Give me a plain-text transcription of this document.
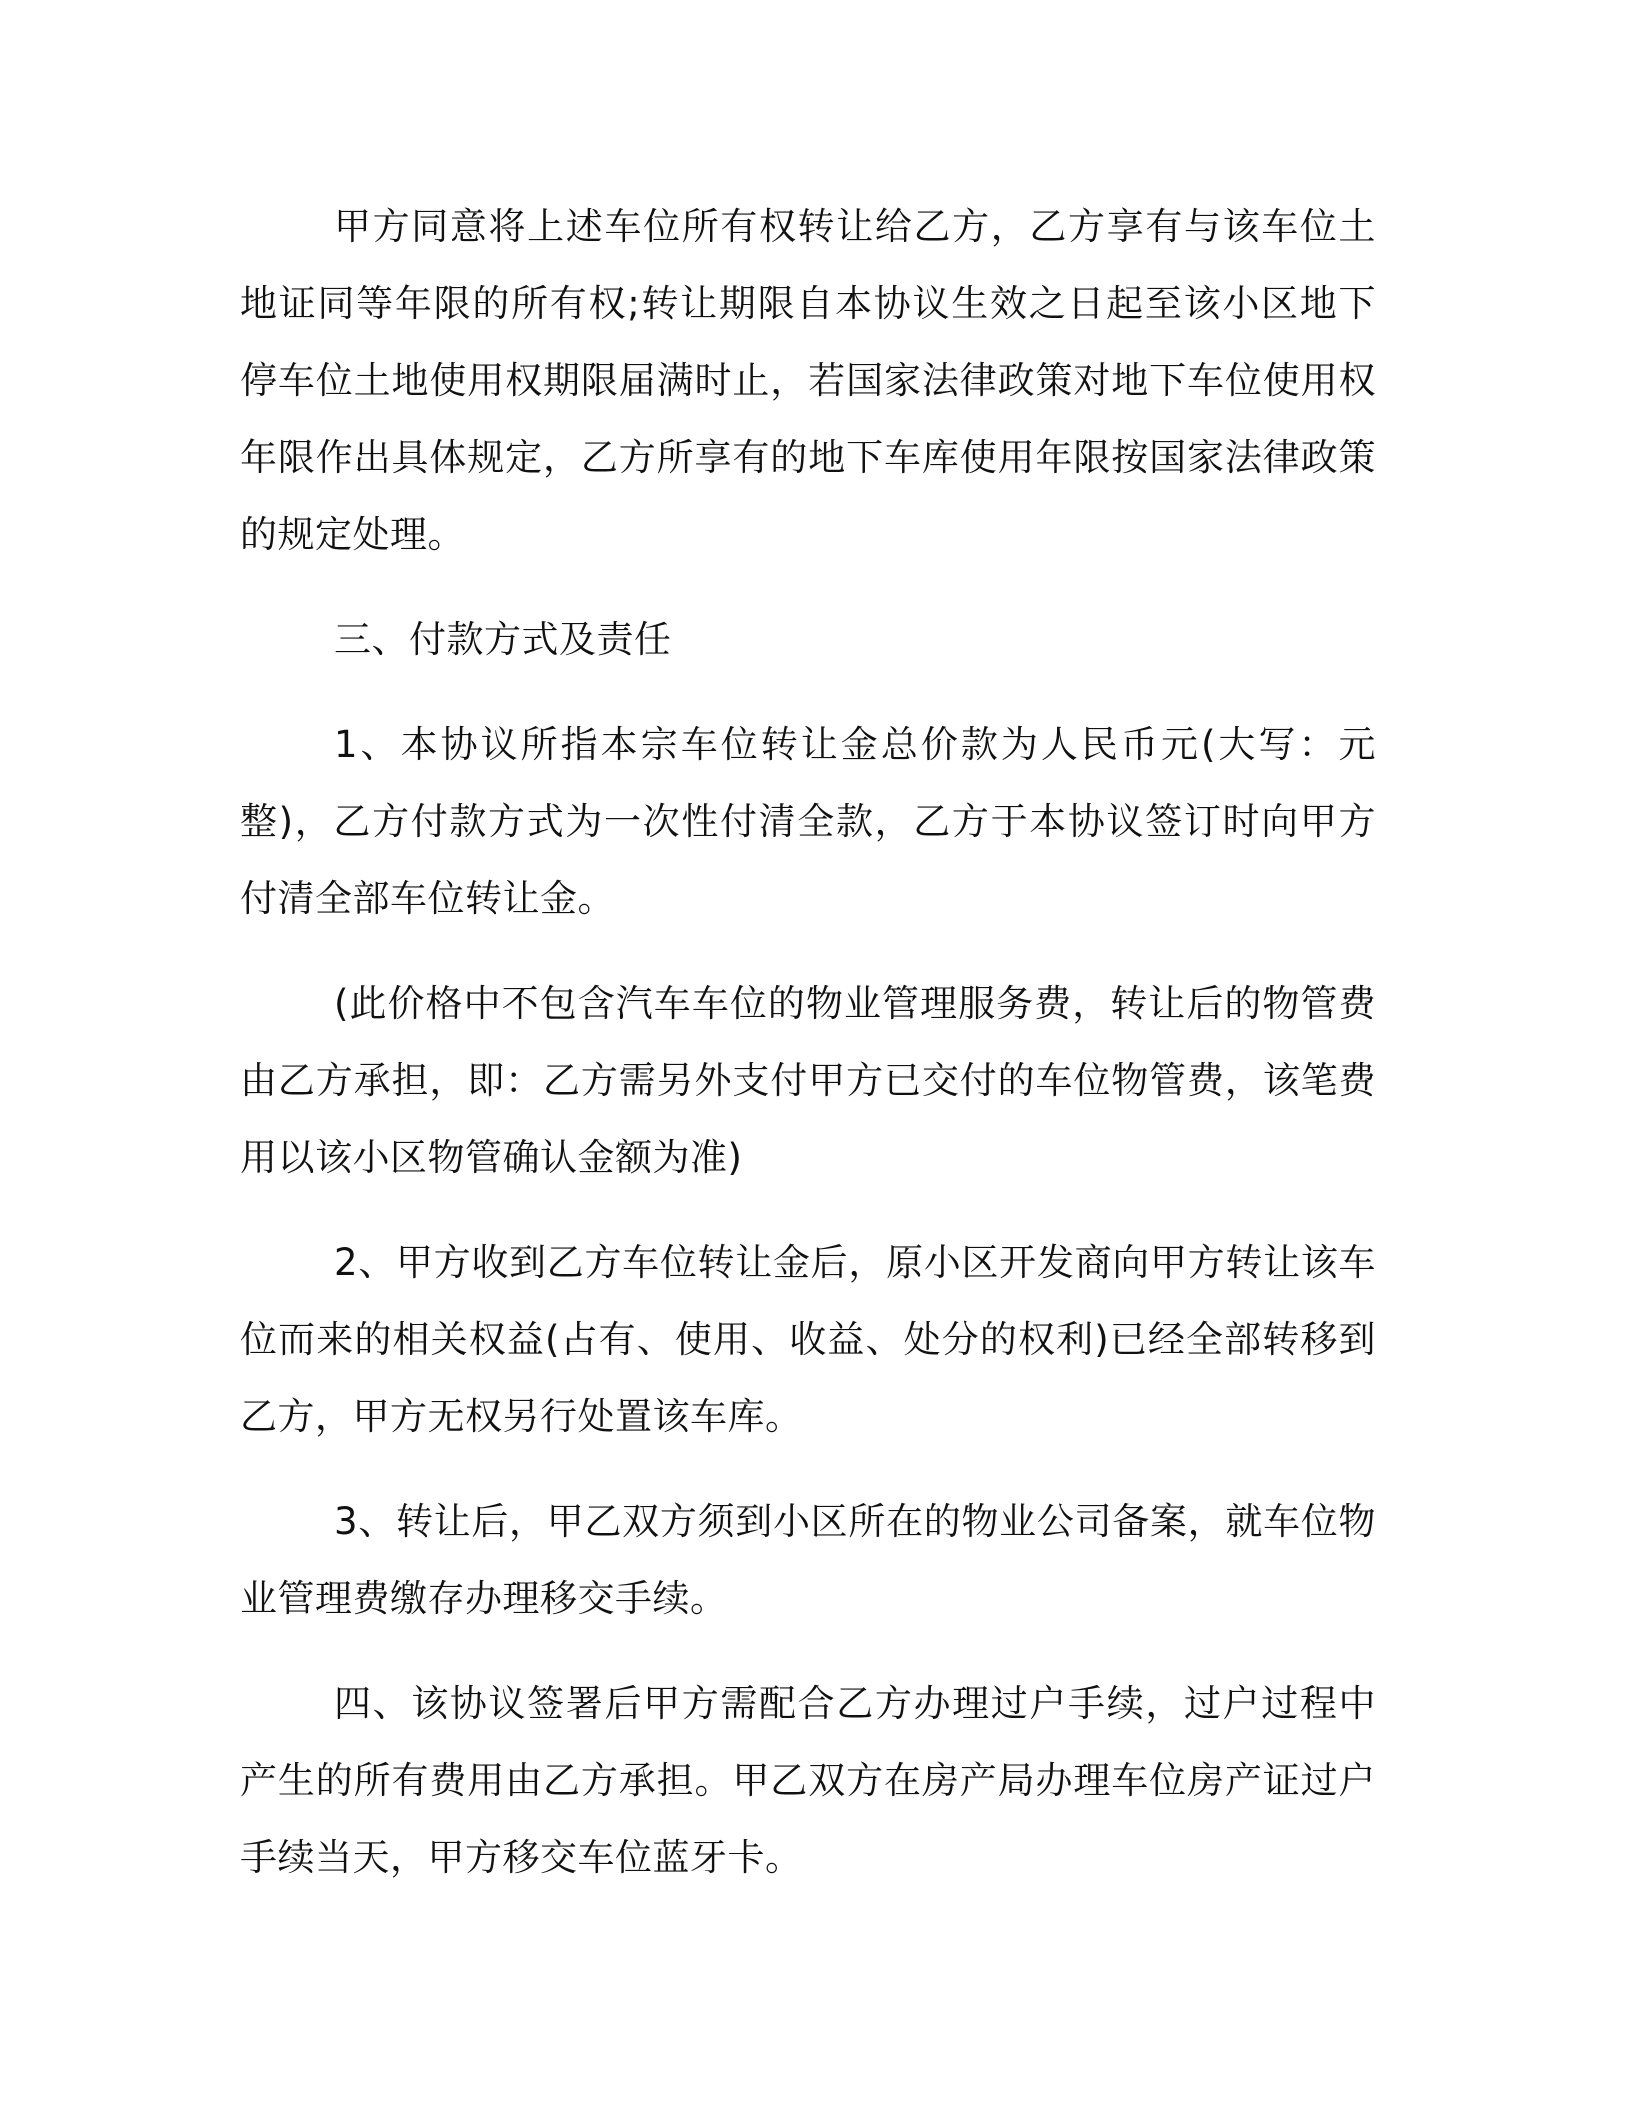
甲方同意将上述车位所有权转让给乙方，乙方享有与该车位土地证同等年限的所有权;转让期限自本协议生效之日起至该小区地下停车位土地使用权期限届满时止，若国家法律政策对地下车位使用权年限作出具体规定，乙方所享有的地下车库使用年限按国家法律政策的规定处理。

三、付款方式及责任

1、本协议所指本宗车位转让金总价款为人民币元(大写：元整)，乙方付款方式为一次性付清全款，乙方于本协议签订时向甲方付清全部车位转让金。

(此价格中不包含汽车车位的物业管理服务费，转让后的物管费由乙方承担，即：乙方需另外支付甲方已交付的车位物管费，该笔费用以该小区物管确认金额为准)

2、甲方收到乙方车位转让金后，原小区开发商向甲方转让该车位而来的相关权益(占有、使用、收益、处分的权利)已经全部转移到乙方，甲方无权另行处置该车库。

3、转让后，甲乙双方须到小区所在的物业公司备案，就车位物业管理费缴存办理移交手续。

四、该协议签署后甲方需配合乙方办理过户手续，过户过程中产生的所有费用由乙方承担。甲乙双方在房产局办理车位房产证过户手续当天，甲方移交车位蓝牙卡。
